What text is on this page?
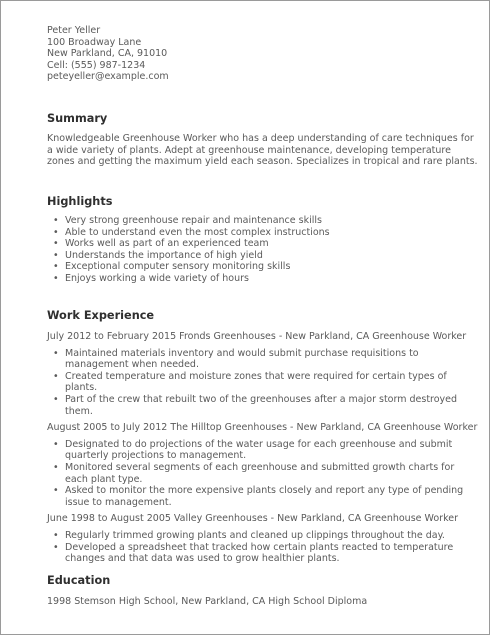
Peter Yeller

100 Broadway Lane

New Parkland, CA, 91010

Cell: (555) 987-1234

peteyeller@example.com

Summary

Knowledgeable Greenhouse Worker who has a deep understanding of care techniques for a wide variety of plants. Adept at greenhouse maintenance, developing temperature zones and getting the maximum yield each season. Specializes in tropical and rare plants.

Highlights
• Very strong greenhouse repair and maintenance skills
• Able to understand even the most complex instructions
• Works well as part of an experienced team
• Understands the importance of high yield
• Exceptional computer sensory monitoring skills
• Enjoys working a wide variety of hours
Work Experience

July 2012 to February 2015 Fronds Greenhouses - New Parkland, CA Greenhouse Worker

• Maintained materials inventory and would submit purchase requisitions to management when needed.
• Created temperature and moisture zones that were required for certain types of plants.
• Part of the crew that rebuilt two of the greenhouses after a major storm destroyed them.

August 2005 to July 2012 The Hilltop Greenhouses - New Parkland, CA Greenhouse Worker

• Designated to do projections of the water usage for each greenhouse and submit quarterly projections to management.
• Monitored several segments of each greenhouse and submitted growth charts for each plant type.
• Asked to monitor the more expensive plants closely and report any type of pending issue to management.

June 1998 to August 2005 Valley Greenhouses - New Parkland, CA Greenhouse Worker

• Regularly trimmed growing plants and cleaned up clippings throughout the day.
• Developed a spreadsheet that tracked how certain plants reacted to temperature changes and that data was used to grow healthier plants.
Education

1998 Stemson High School, New Parkland, CA High School Diploma
